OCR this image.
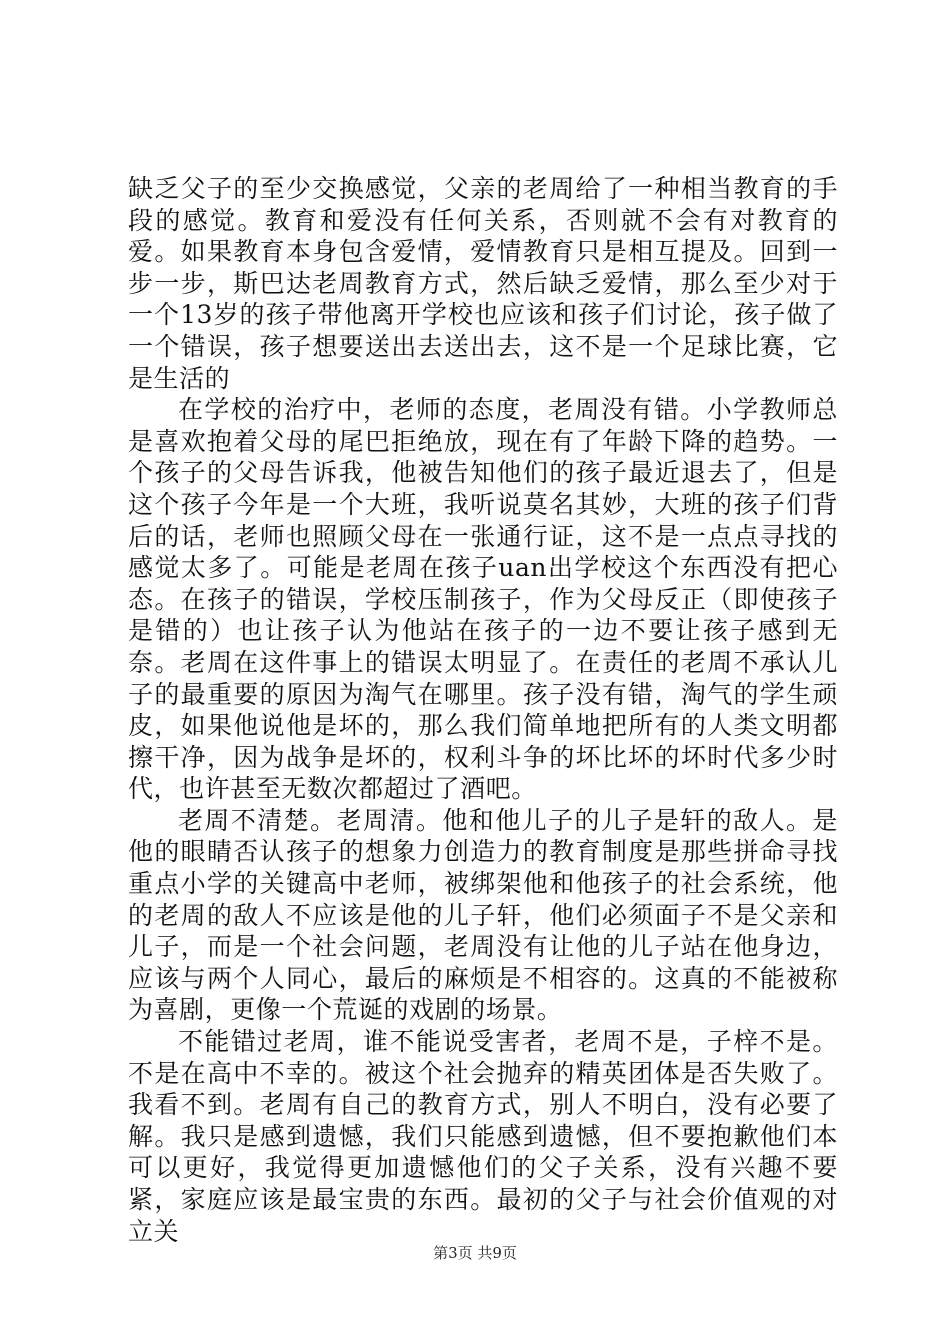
缺乏父子的至少交换感觉，父亲的老周给了一种相当教育的手段的感觉。教育和爱没有任何关系，否则就不会有对教育的爱。如果教育本身包含爱情，爱情教育只是相互提及。回到一步一步，斯巴达老周教育方式，然后缺乏爱情，那么至少对于一个13岁的孩子带他离开学校也应该和孩子们讨论，孩子做了一个错误，孩子想要送出去送出去，这不是一个足球比赛，它是生活的

在学校的治疗中，老师的态度，老周没有错。小学教师总是喜欢抱着父母的尾巴拒绝放，现在有了年龄下降的趋势。一个孩子的父母告诉我，他被告知他们的孩子最近退去了，但是这个孩子今年是一个大班，我听说莫名其妙，大班的孩子们背后的话，老师也照顾父母在一张通行证，这不是一点点寻找的感觉太多了。可能是老周在孩子uan出学校这个东西没有把心态。在孩子的错误，学校压制孩子，作为父母反正（即使孩子是错的）也让孩子认为他站在孩子的一边不要让孩子感到无奈。老周在这件事上的错误太明显了。在责任的老周不承认儿子的最重要的原因为淘气在哪里。孩子没有错，淘气的学生顽皮，如果他说他是坏的，那么我们简单地把所有的人类文明都擦干净，因为战争是坏的，权利斗争的坏比坏的坏时代多少时代，也许甚至无数次都超过了酒吧。

老周不清楚。老周清。他和他儿子的儿子是轩的敌人。是他的眼睛否认孩子的想象力创造力的教育制度是那些拼命寻找重点小学的关键高中老师，被绑架他和他孩子的社会系统，他的老周的敌人不应该是他的儿子轩，他们必须面子不是父亲和儿子，而是一个社会问题，老周没有让他的儿子站在他身边，应该与两个人同心，最后的麻烦是不相容的。这真的不能被称为喜剧，更像一个荒诞的戏剧的场景。

不能错过老周，谁不能说受害者，老周不是，子梓不是。不是在高中不幸的。被这个社会抛弃的精英团体是否失败了。我看不到。老周有自己的教育方式，别人不明白，没有必要了解。我只是感到遗憾，我们只能感到遗憾，但不要抱歉他们本可以更好，我觉得更加遗憾他们的父子关系，没有兴趣不要紧，家庭应该是最宝贵的东西。最初的父子与社会价值观的对立关

第3页 共9页
